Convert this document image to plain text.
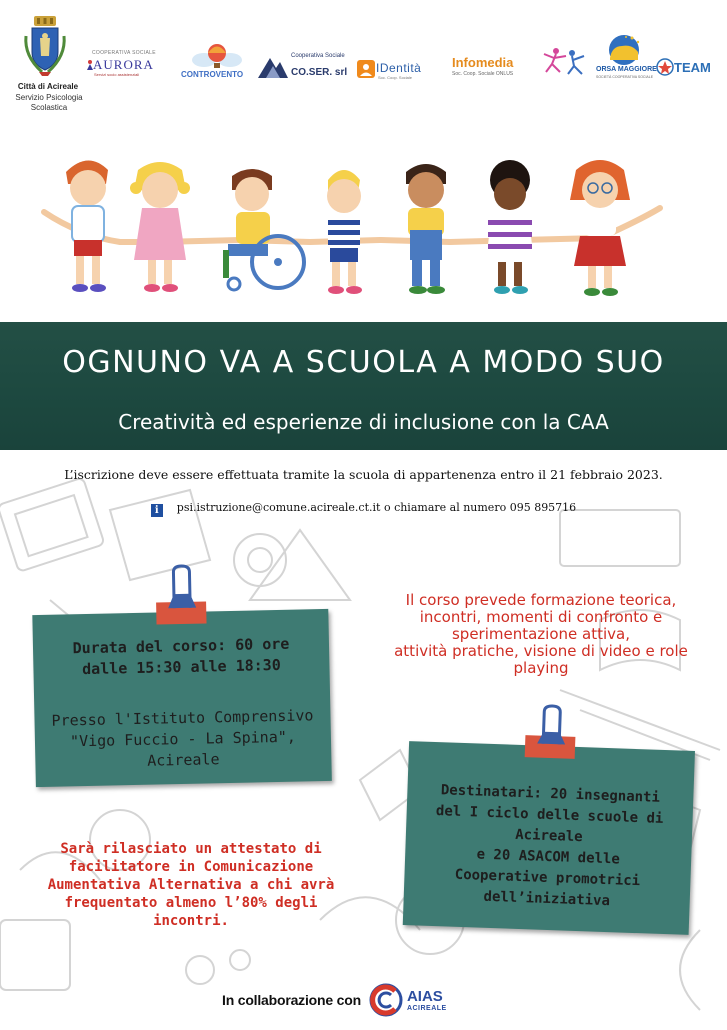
Città di Acireale
Servizio Psicologia Scolastica
COOPERATIVA SOCIALE
AURORA
Servizi socio assistenziali	CONTROVENTO
Cooperativa Sociale
CO.SER. srl IDentità
Soc. Coop. Sociale
Infomedia
Soc. Coop. Sociale ONLUS
ORSA MAGGIORE
SOCIETÀ COOPERATIVA SOCIALE
TEAM
OGNUNO VA A SCUOLA A MODO SUO
Creatività ed esperienze di inclusione con la CAA
L’iscrizione deve essere effettuata tramite la scuola di appartenenza entro il 21 febbraio 2023.
i psi.istruzione@comune.acireale.ct.it o chiamare al numero 095 895716
Durata del corso: 60 ore
dalle 15:30 alle 18:30
Presso l'Istituto Comprensivo
"Vigo Fuccio - La Spina",
Acireale
Il corso prevede formazione teorica,
incontri, momenti di confronto e
sperimentazione attiva,
attività pratiche, visione di video e role
playing
Destinatari: 20 insegnanti
del I ciclo delle scuole di
Acireale
e 20 ASACOM delle
Cooperative promotrici
dell’iniziativa
Sarà rilasciato un attestato di
facilitatore in Comunicazione
Aumentativa Alternativa a chi avrà
frequentato almeno l’80% degli
incontri.
In collaborazione con	AIAS
ACIREALE
